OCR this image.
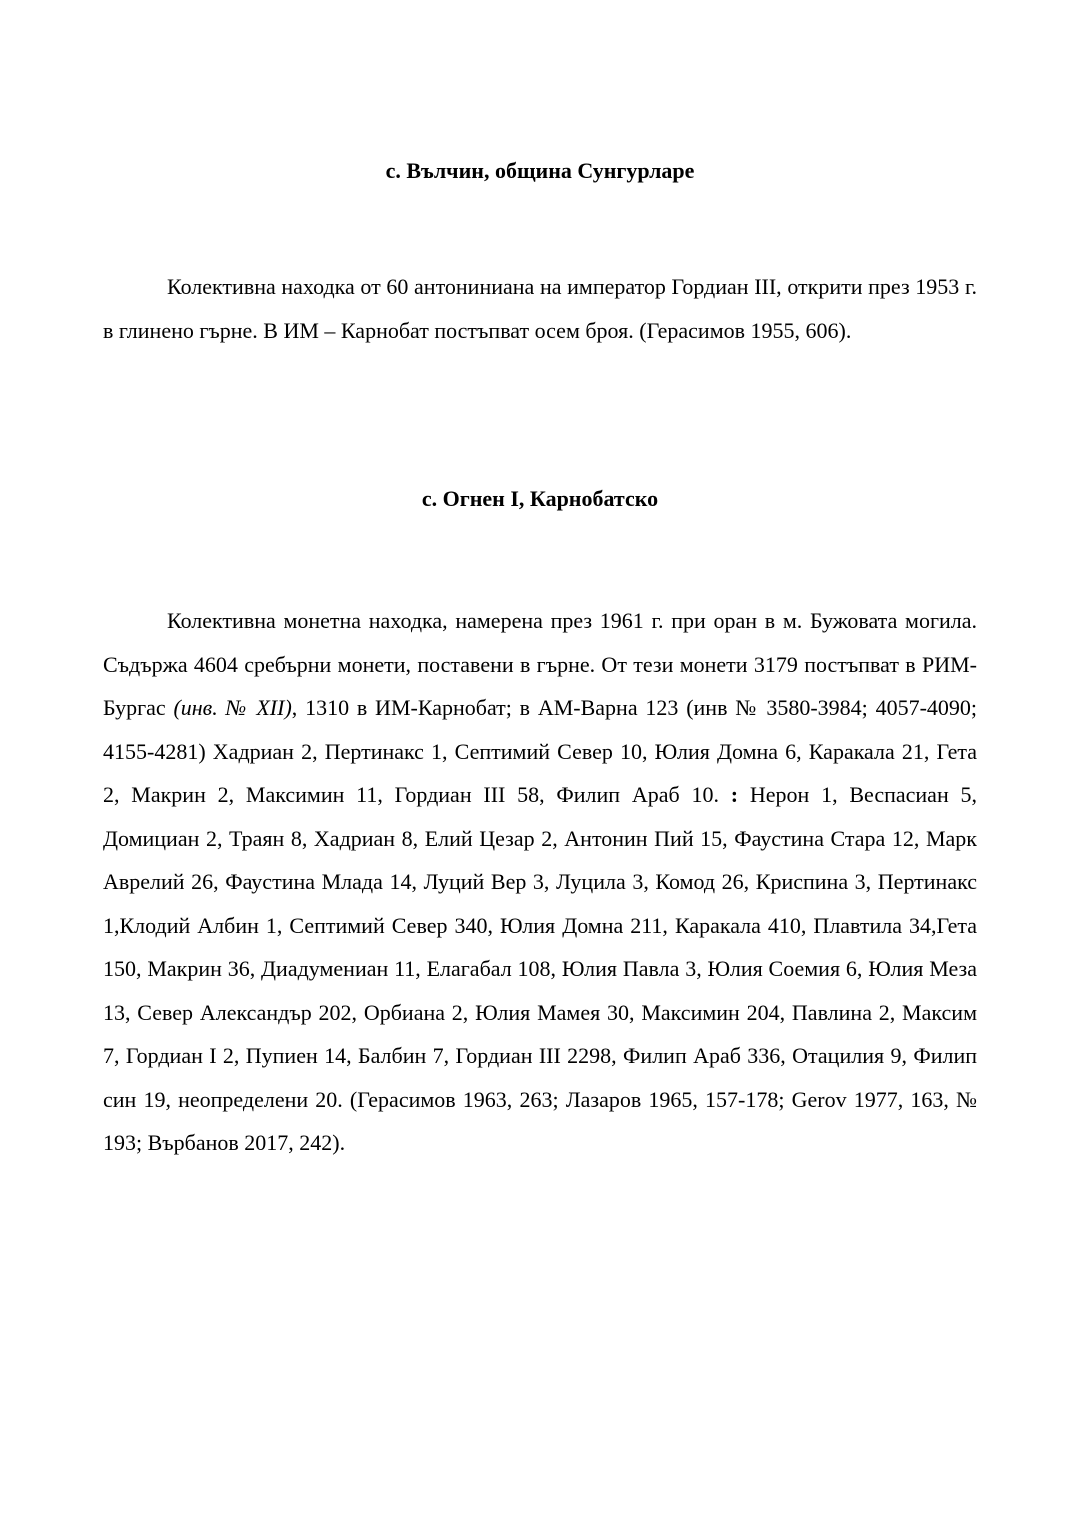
с. Вълчин, община Сунгурларе

Колективна находка от 60 антониниана на император Гордиан III, открити през 1953 г. в глинено гърне. В ИМ – Карнобат постъпват осем броя. (Герасимов 1955, 606).

с. Огнен I, Карнобатско

Колективна монетна находка, намерена през 1961 г. при оран в м. Бужовата могила. Съдържа 4604 сребърни монети, поставени в гърне. От тези монети 3179 постъпват в РИМ-Бургас (инв. № XII), 1310 в ИМ-Карнобат; в АМ-Варна 123 (инв № 3580-3984; 4057-4090; 4155-4281) Хадриан 2, Пертинакс 1, Септимий Север 10, Юлия Домна 6, Каракала 21, Гета 2, Макрин 2, Максимин 11, Гордиан III 58, Филип Араб 10. : Нерон 1, Веспасиан 5, Домициан 2, Траян 8, Хадриан 8, Елий Цезар 2, Антонин Пий 15, Фаустина Стара 12, Марк Аврелий 26, Фаустина Млада 14, Луций Вер 3, Луцила 3, Комод 26, Криспина 3, Пертинакс 1,Клодий Албин 1, Септимий Север 340, Юлия Домна 211, Каракала 410, Плавтила 34,Гета 150, Макрин 36, Диадумениан 11, Елагабал 108, Юлия Павла 3, Юлия Соемия 6, Юлия Меза 13, Север Александър 202, Орбиана 2, Юлия Мамея 30, Максимин 204, Павлина 2, Максим 7, Гордиан I 2, Пупиен 14, Балбин 7, Гордиан III 2298, Филип Араб 336, Отацилия 9, Филип син 19, неопределени 20. (Герасимов 1963, 263; Лазаров 1965, 157-178; Gerov 1977, 163, № 193; Върбанов 2017, 242).
